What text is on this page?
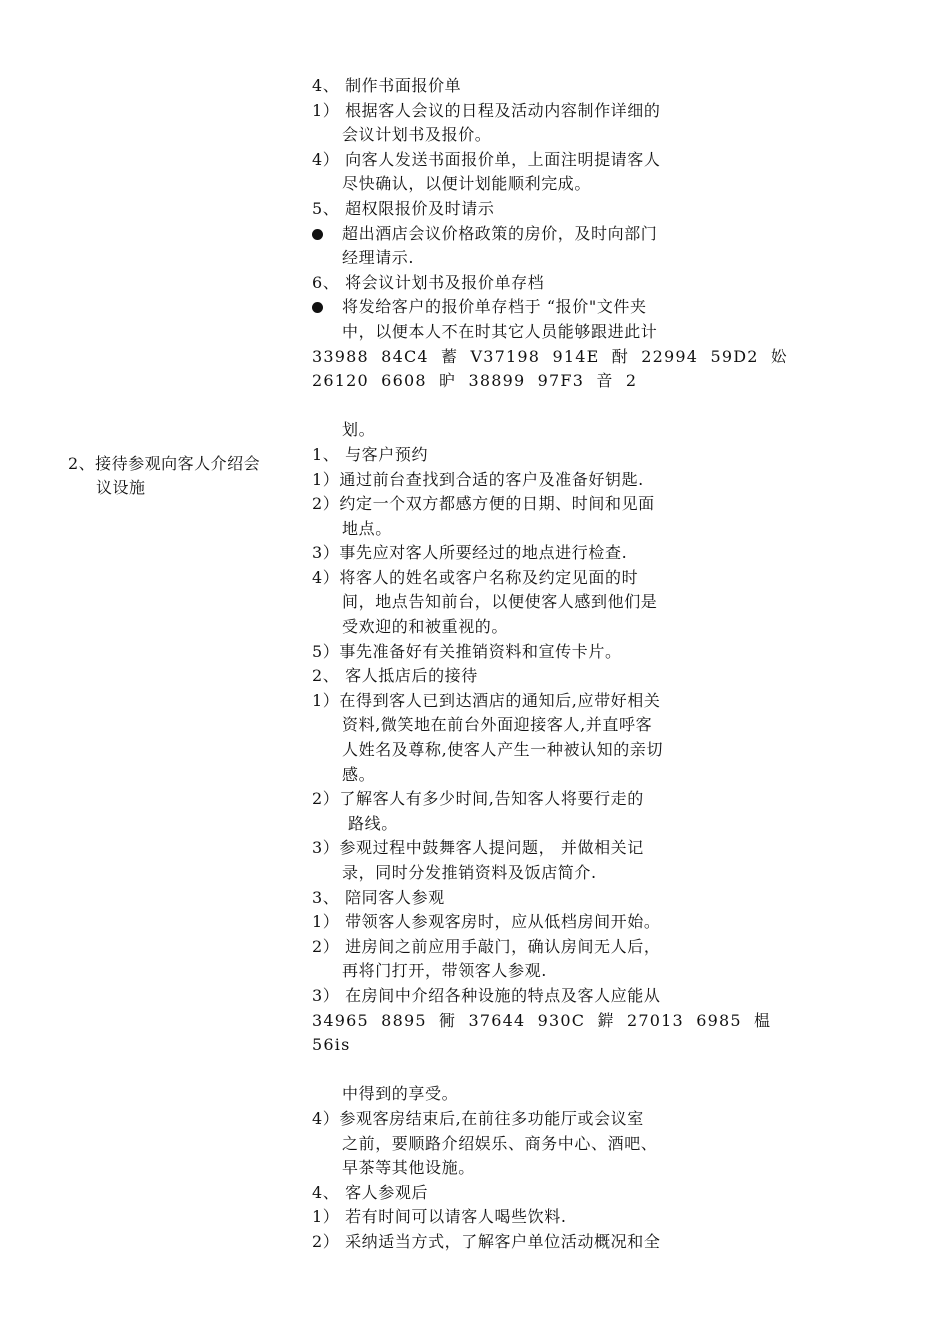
2、接待参观向客人介绍会
议设施
4、 制作书面报价单
1） 根据客人会议的日程及活动内容制作详细的
会议计划书及报价。
4） 向客人发送书面报价单，上面注明提请客人
尽快确认，以便计划能顺利完成。
5、 超权限报价及时请示
超出酒店会议价格政策的房价，及时向部门
经理请示.
6、 将会议计划书及报价单存档
将发给客户的报价单存档于 “报价"文件夹
中，以便本人不在时其它人员能够跟进此计
33988 84C4 蓄 V37198 914E 酎 22994 59D2 妐
26120 6608 昈 38899 97F3 音 2
划。
1、 与客户预约
1）通过前台查找到合适的客户及准备好钥匙.
2）约定一个双方都感方便的日期、时间和见面
地点。
3）事先应对客人所要经过的地点进行检查.
4）将客人的姓名或客户名称及约定见面的时
间，地点告知前台，以便使客人感到他们是
受欢迎的和被重视的。
5）事先准备好有关推销资料和宣传卡片。
2、 客人抵店后的接待
1）在得到客人已到达酒店的通知后,应带好相关
资料,微笑地在前台外面迎接客人,并直呼客
人姓名及尊称,使客人产生一种被认知的亲切
感。
2）了解客人有多少时间,告知客人将要行走的
路线。
3）参观过程中鼓舞客人提问题， 并做相关记
录，同时分发推销资料及饭店简介.
3、 陪同客人参观
1） 带领客人参观客房时，应从低档房间开始。
2） 进房间之前应用手敲门，确认房间无人后，
再将门打开，带领客人参观.
3） 在房间中介绍各种设施的特点及客人应能从
34965 8895 衕 37644 930C 錌 27013 6985 榅
56is
中得到的享受。
4）参观客房结束后,在前往多功能厅或会议室
之前，要顺路介绍娱乐、商务中心、酒吧、
早茶等其他设施。
4、 客人参观后
1） 若有时间可以请客人喝些饮料.
2） 采纳适当方式，了解客户单位活动概况和全
